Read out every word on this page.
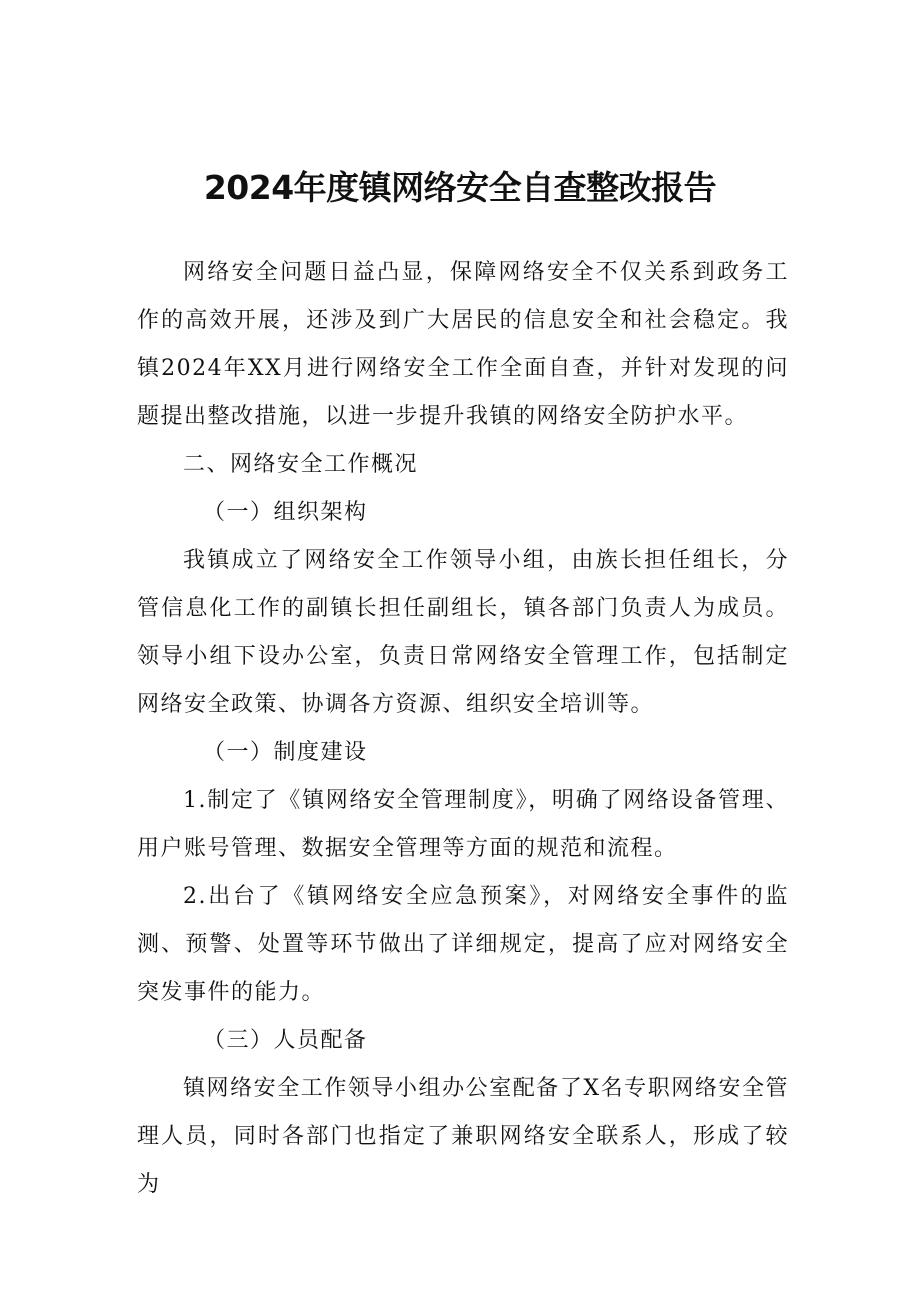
2024年度镇网络安全自查整改报告

网络安全问题日益凸显，保障网络安全不仅关系到政务工作的高效开展，还涉及到广大居民的信息安全和社会稳定。我镇2024年XX月进行网络安全工作全面自查，并针对发现的问题提出整改措施，以进一步提升我镇的网络安全防护水平。

二、网络安全工作概况

（一）组织架构

我镇成立了网络安全工作领导小组，由族长担任组长，分管信息化工作的副镇长担任副组长，镇各部门负责人为成员。领导小组下设办公室，负责日常网络安全管理工作，包括制定网络安全政策、协调各方资源、组织安全培训等。

（一）制度建设

1.制定了《镇网络安全管理制度》，明确了网络设备管理、用户账号管理、数据安全管理等方面的规范和流程。

2.出台了《镇网络安全应急预案》，对网络安全事件的监测、预警、处置等环节做出了详细规定，提高了应对网络安全突发事件的能力。

（三）人员配备

镇网络安全工作领导小组办公室配备了X名专职网络安全管理人员，同时各部门也指定了兼职网络安全联系人，形成了较为
